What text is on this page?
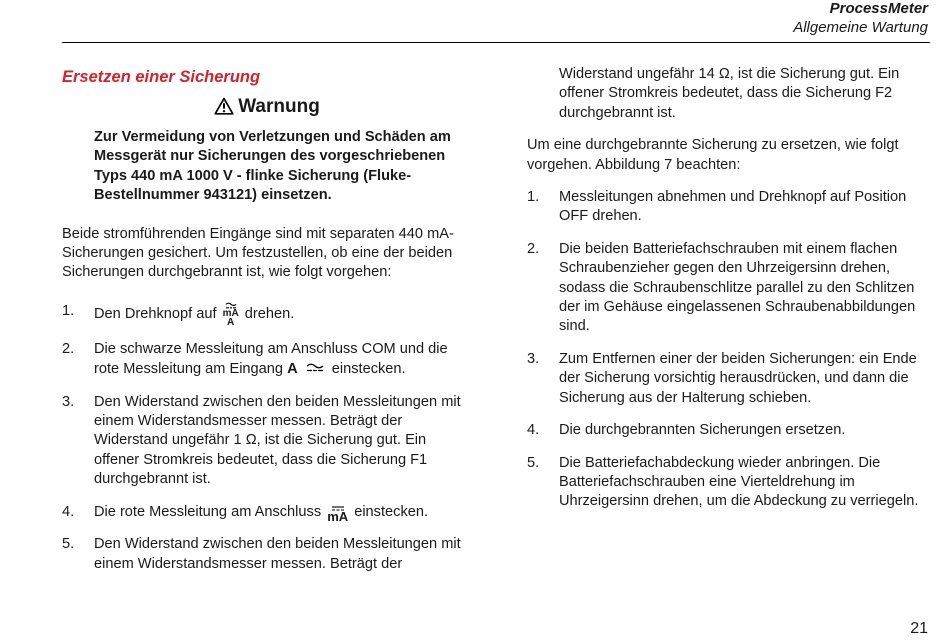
ProcessMeter
Allgemeine Wartung
Ersetzen einer Sicherung
Warnung

Zur Vermeidung von Verletzungen und Schäden am Messgerät nur Sicherungen des vorgeschriebenen Typs 440 mA 1000 V - flinke Sicherung (Fluke-Bestellnummer 943121) einsetzen.

Beide stromführenden Eingänge sind mit separaten 440 mA-Sicherungen gesichert. Um festzustellen, ob eine der beiden Sicherungen durchgebrannt ist, wie folgt vorgehen:

1. Den Drehknopf auf mA
A drehen.
2. Die schwarze Messleitung am Anschluss COM und die rote Messleitung am Eingang A einstecken.
3. Den Widerstand zwischen den beiden Messleitungen mit einem Widerstandsmesser messen. Beträgt der Widerstand ungefähr 1 Ω, ist die Sicherung gut. Ein offener Stromkreis bedeutet, dass die Sicherung F1 durchgebrannt ist.
4. Die rote Messleitung am Anschluss mA einstecken.
5. Den Widerstand zwischen den beiden Messleitungen mit einem Widerstandsmesser messen. Beträgt der

Widerstand ungefähr 14 Ω, ist die Sicherung gut. Ein offener Stromkreis bedeutet, dass die Sicherung F2 durchgebrannt ist.

Um eine durchgebrannte Sicherung zu ersetzen, wie folgt vorgehen. Abbildung 7 beachten:

1. Messleitungen abnehmen und Drehknopf auf Position OFF drehen.
2. Die beiden Batteriefachschrauben mit einem flachen Schraubenzieher gegen den Uhrzeigersinn drehen, sodass die Schraubenschlitze parallel zu den Schlitzen der im Gehäuse eingelassenen Schraubenabbildungen sind.
3. Zum Entfernen einer der beiden Sicherungen: ein Ende der Sicherung vorsichtig herausdrücken, und dann die Sicherung aus der Halterung schieben.
4. Die durchgebrannten Sicherungen ersetzen.
5. Die Batteriefachabdeckung wieder anbringen. Die Batteriefachschrauben eine Vierteldrehung im Uhrzeigersinn drehen, um die Abdeckung zu verriegeln.
21
